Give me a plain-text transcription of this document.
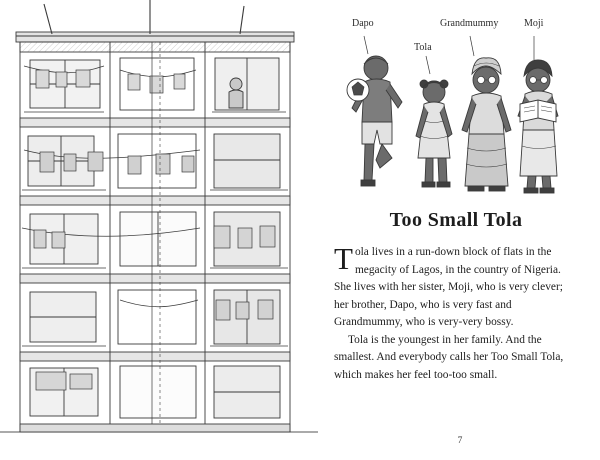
Dapo
Tola
Grandmummy	Moji
Too Small Tola

Tola lives in a run-down block of flats in the megacity of Lagos, in the country of Nigeria. She lives with her sister, Moji, who is very clever; her brother, Dapo, who is very fast and Grandmummy, who is very-very bossy.

Tola is the youngest in her family. And the smallest. And everybody calls her Too Small Tola, which makes her feel too-too small.

7
